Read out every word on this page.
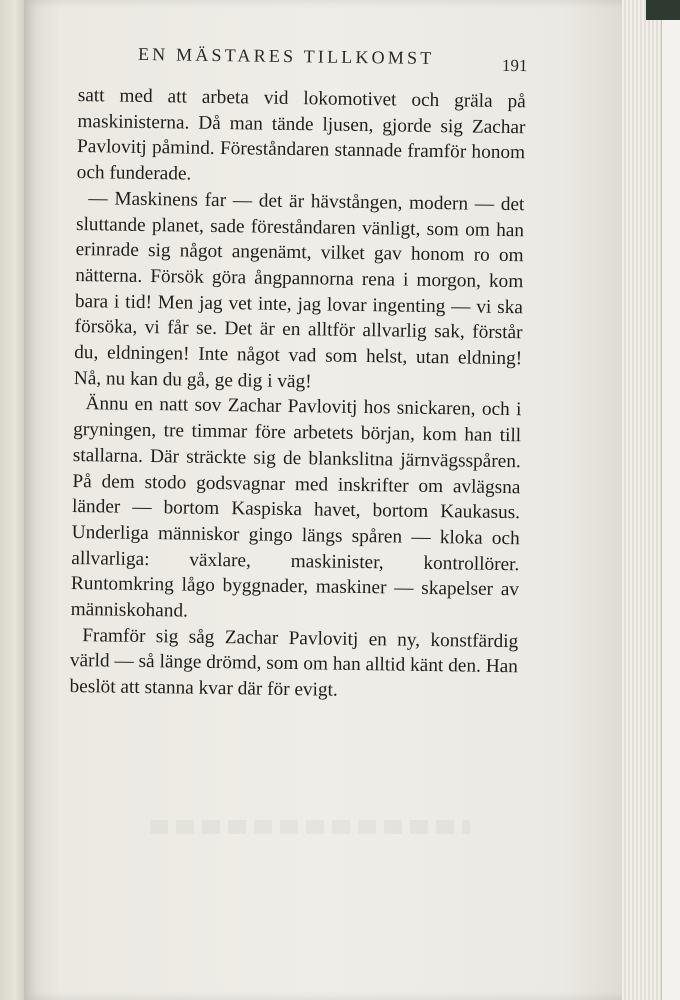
EN MÄSTARES TILLKOMST	191

satt med att arbeta vid lokomotivet och gräla på maskinisterna. Då man tände ljusen, gjorde sig Zachar Pavlovitj påmind. Föreståndaren stannade framför honom och funderade.

— Maskinens far — det är hävstången, modern — det sluttande planet, sade föreståndaren vänligt, som om han erinrade sig något angenämt, vilket gav honom ro om nätterna. Försök göra ångpannorna rena i morgon, kom bara i tid! Men jag vet inte, jag lovar ingenting — vi ska försöka, vi får se. Det är en alltför allvarlig sak, förstår du, eldningen! Inte något vad som helst, utan eldning! Nå, nu kan du gå, ge dig i väg!

Ännu en natt sov Zachar Pavlovitj hos snickaren, och i gryningen, tre timmar före arbetets början, kom han till stallarna. Där sträckte sig de blankslitna järnvägsspåren. På dem stodo godsvagnar med inskrifter om avlägsna länder — bortom Kaspiska havet, bortom Kaukasus. Underliga människor gingo längs spåren — kloka och allvarliga: växlare, maskinister, kontrollörer. Runtomkring lågo byggnader, maskiner — skapelser av människohand.

Framför sig såg Zachar Pavlovitj en ny, konstfärdig värld — så länge drömd, som om han alltid känt den. Han beslöt att stanna kvar där för evigt.
